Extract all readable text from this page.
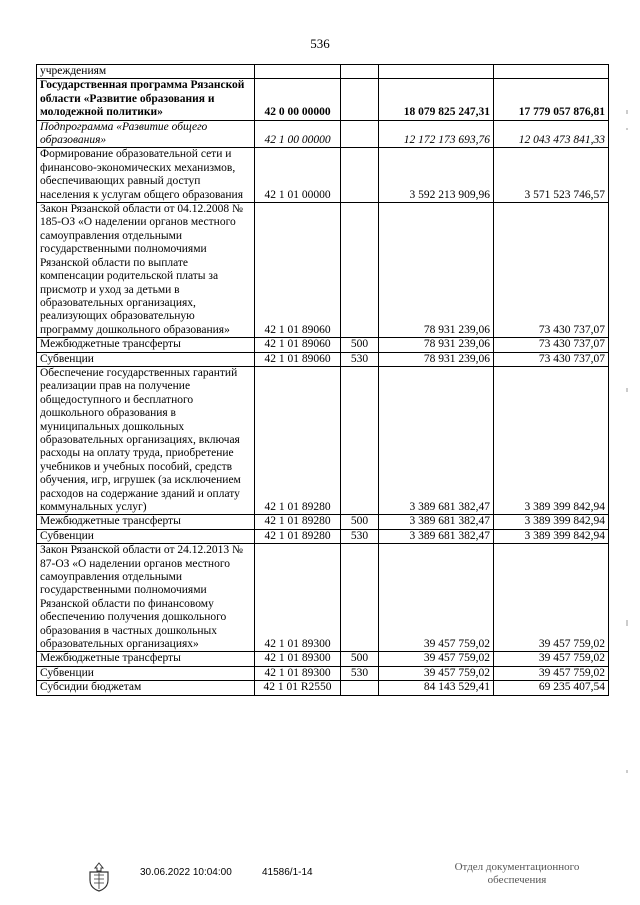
536
учреждениям				
Государственная программа Рязанской области «Развитие образования и молодежной политики»	42 0 00 00000		18 079 825 247,31	17 779 057 876,81
Подпрограмма «Развитие общего образования»	42 1 00 00000		12 172 173 693,76	12 043 473 841,33
Формирование образовательной сети и финансово-экономических механизмов, обеспечивающих равный доступ населения к услугам общего образования	42 1 01 00000		3 592 213 909,96	3 571 523 746,57
Закон Рязанской области от 04.12.2008 № 185-ОЗ «О наделении органов местного самоуправления отдельными государственными полномочиями Рязанской области по выплате компенсации родительской платы за присмотр и уход за детьми в образовательных организациях, реализующих образовательную программу дошкольного образования»	42 1 01 89060		78 931 239,06	73 430 737,07
Межбюджетные трансферты	42 1 01 89060	500	78 931 239,06	73 430 737,07
Субвенции	42 1 01 89060	530	78 931 239,06	73 430 737,07
Обеспечение государственных гарантий реализации прав на получение общедоступного и бесплатного дошкольного образования в муниципальных дошкольных образовательных организациях, включая расходы на оплату труда, приобретение учебников и учебных пособий, средств обучения, игр, игрушек (за исключением расходов на содержание зданий и оплату коммунальных услуг)	42 1 01 89280		3 389 681 382,47	3 389 399 842,94
Межбюджетные трансферты	42 1 01 89280	500	3 389 681 382,47	3 389 399 842,94
Субвенции	42 1 01 89280	530	3 389 681 382,47	3 389 399 842,94
Закон Рязанской области от 24.12.2013 № 87-ОЗ «О наделении органов местного самоуправления отдельными государственными полномочиями Рязанской области по финансовому обеспечению получения дошкольного образования в частных дошкольных образовательных организациях»	42 1 01 89300		39 457 759,02	39 457 759,02
Межбюджетные трансферты	42 1 01 89300	500	39 457 759,02	39 457 759,02
Субвенции	42 1 01 89300	530	39 457 759,02	39 457 759,02
Субсидии бюджетам	42 1 01 R2550		84 143 529,41	69 235 407,54
30.06.2022 10:04:00	41586/1-14	Отдел документационного обеспечения
